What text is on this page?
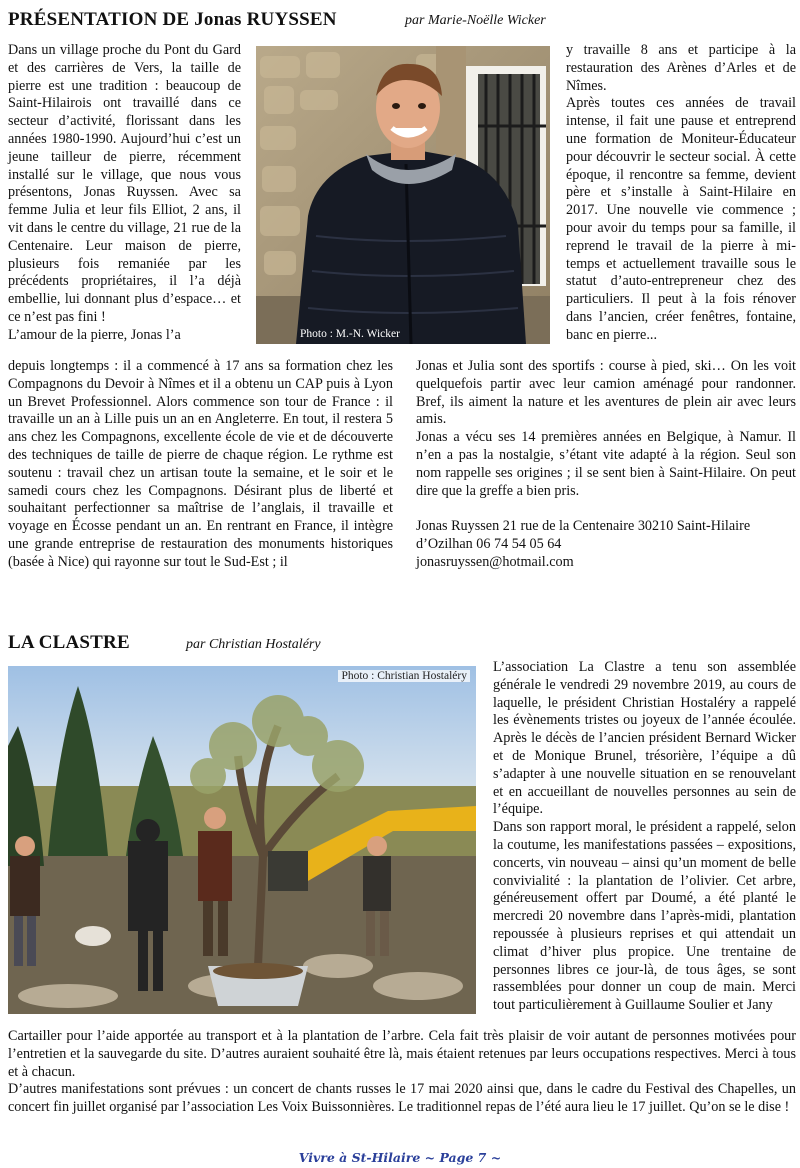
PRÉSENTATION DE Jonas RUYSSEN	par Marie-Noëlle Wicker

Dans un village proche du Pont du Gard et des carrières de Vers, la taille de pierre est une tradition : beaucoup de Saint-Hilairois ont travaillé dans ce secteur d’activité, florissant dans les années 1980-1990. Aujourd’hui c’est un jeune tailleur de pierre, récemment installé sur le village, que nous vous présentons, Jonas Ruyssen. Avec sa femme Julia et leur fils Elliot, 2 ans, il vit dans le centre du village, 21 rue de la Centenaire. Leur maison de pierre, plusieurs fois remaniée par les précédents propriétaires, il l’a déjà embellie, lui donnant plus d’espace… et ce n’est pas fini !

L’amour de la pierre, Jonas l’a	Photo : M.-N. Wicker

y travaille 8 ans et participe à la restauration des Arènes d’Arles et de Nîmes.

Après toutes ces années de travail intense, il fait une pause et entreprend une formation de Moniteur-Éducateur pour découvrir le secteur social. À cette époque, il rencontre sa femme, devient père et s’installe à Saint-Hilaire en 2017. Une nouvelle vie commence ; pour avoir du temps pour sa famille, il reprend le travail de la pierre à mi-temps et actuellement travaille sous le statut d’auto-entrepreneur chez des particuliers. Il peut à la fois rénover dans l’ancien, créer fenêtres, fontaine, banc en pierre...

depuis longtemps : il a commencé à 17 ans sa formation chez les Compagnons du Devoir à Nîmes et il a obtenu un CAP puis à Lyon un Brevet Professionnel. Alors commence son tour de France : il travaille un an à Lille puis un an en Angleterre. En tout, il restera 5 ans chez les Compagnons, excellente école de vie et de découverte des techniques de taille de pierre de chaque région. Le rythme est soutenu : travail chez un artisan toute la semaine, et le soir et le samedi cours chez les Compagnons. Désirant plus de liberté et souhaitant perfectionner sa maîtrise de l’anglais, il travaille et voyage en Écosse pendant un an. En rentrant en France, il intègre une grande entreprise de restauration des monuments historiques (basée à Nice) qui rayonne sur tout le Sud-Est ; il

Jonas et Julia sont des sportifs : course à pied, ski… On les voit quelquefois partir avec leur camion aménagé pour randonner. Bref, ils aiment la nature et les aventures de plein air avec leurs amis.

Jonas a vécu ses 14 premières années en Belgique, à Namur. Il n’en a pas la nostalgie, s’étant vite adapté à la région. Seul son nom rappelle ses origines ; il se sent bien à Saint-Hilaire. On peut dire que la greffe a bien pris.

Jonas Ruyssen 21 rue de la Centenaire 30210 Saint-Hilaire

d’Ozilhan 06 74 54 05 64

jonasruyssen@hotmail.com

LA CLASTRE	par Christian Hostaléry
Photo : Christian Hostaléry

L’association La Clastre a tenu son assemblée générale le vendredi 29 novembre 2019, au cours de laquelle, le président Christian Hostaléry a rappelé les évènements tristes ou joyeux de l’année écoulée. Après le décès de l’ancien président Bernard Wicker et de Monique Brunel, trésorière, l’équipe a dû s’adapter à une nouvelle situation en se renouvelant et en accueillant de nouvelles personnes au sein de l’équipe.

Dans son rapport moral, le président a rappelé, selon la coutume, les manifestations passées – expositions, concerts, vin nouveau – ainsi qu’un moment de belle convivialité : la plantation de l’olivier. Cet arbre, généreusement offert par Doumé, a été planté le mercredi 20 novembre dans l’après-midi, plantation repoussée à plusieurs reprises et qui attendait un climat d’hiver plus propice. Une trentaine de personnes libres ce jour-là, de tous âges, se sont rassemblées pour donner un coup de main. Merci tout particulièrement à Guillaume Soulier et Jany

Cartailler pour l’aide apportée au transport et à la plantation de l’arbre. Cela fait très plaisir de voir autant de personnes motivées pour l’entretien et la sauvegarde du site. D’autres auraient souhaité être là, mais étaient retenues par leurs occupations respectives. Merci à tous et à chacun.

D’autres manifestations sont prévues : un concert de chants russes le 17 mai 2020 ainsi que, dans le cadre du Festival des Chapelles, un concert fin juillet organisé par l’association Les Voix Buissonnières. Le traditionnel repas de l’été aura lieu le 17 juillet. Qu’on se le dise !

Vivre à St-Hilaire ~ Page 7 ~
